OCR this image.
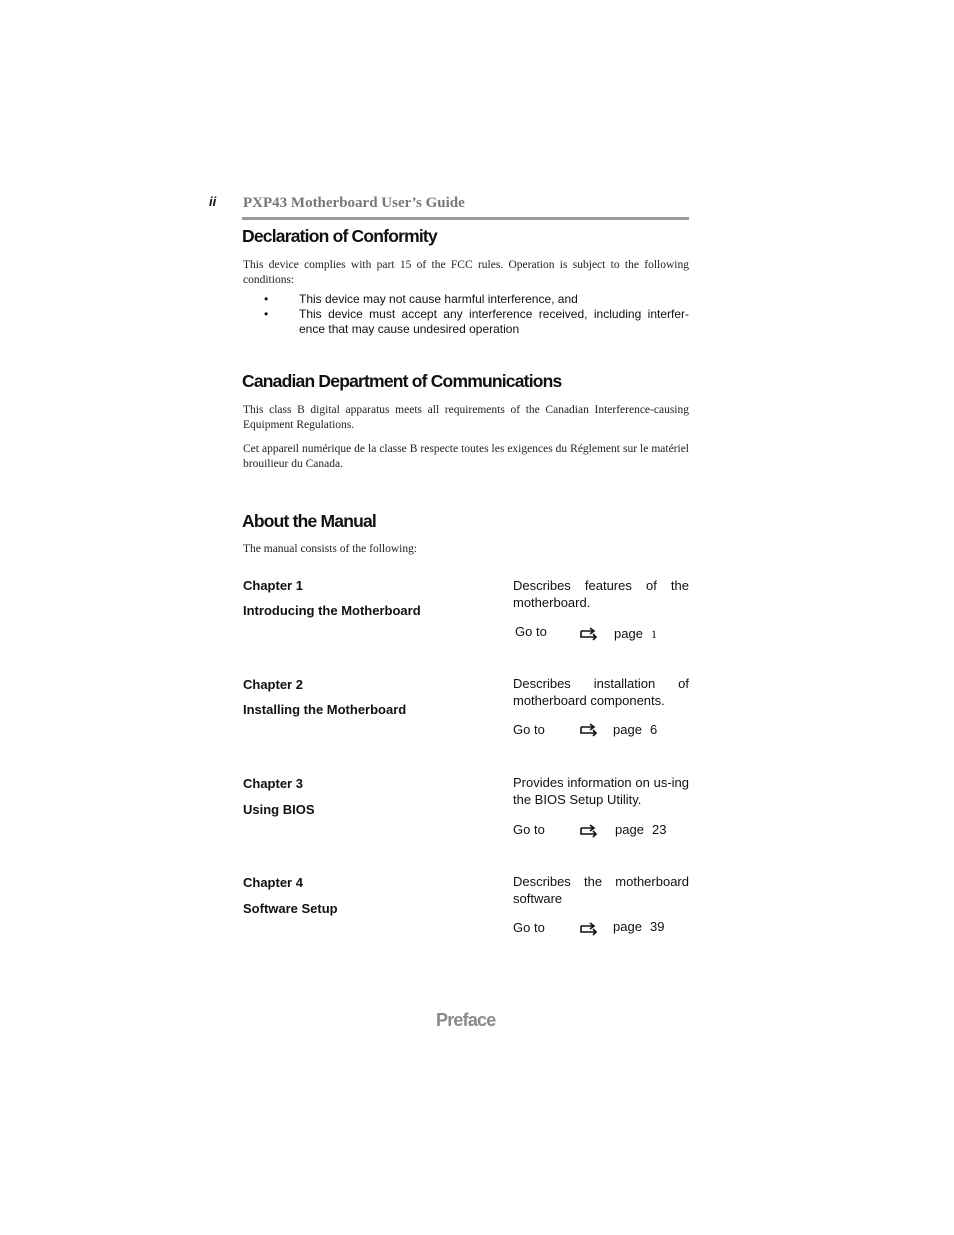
ii PXP43 Motherboard User’s Guide
Declaration of Conformity

This device complies with part 15 of the FCC rules. Operation is subject to the following conditions:

•	This device may not cause harmful interference, and
•	This device must accept any interference received, including interfer-ence that may cause undesired operation
Canadian Department of Communications

This class B digital apparatus meets all requirements of the Canadian Interference-causing Equipment Regulations.

Cet appareil numérique de la classe B respecte toutes les exigences du Réglement sur le matériel brouilieur du Canada.

About the Manual

The manual consists of the following:

Chapter 1
Introducing the Motherboard

Describes features of the motherboard.

Go to	page 1
Chapter 2
Installing the Motherboard

Describes installation of motherboard components.

Go to	page 6
Chapter 3
Using BIOS

Provides information on us-ing the BIOS Setup Utility.

Go to	page 23
Chapter 4
Software Setup

Describes the motherboard software

Go to	page 39
Preface
